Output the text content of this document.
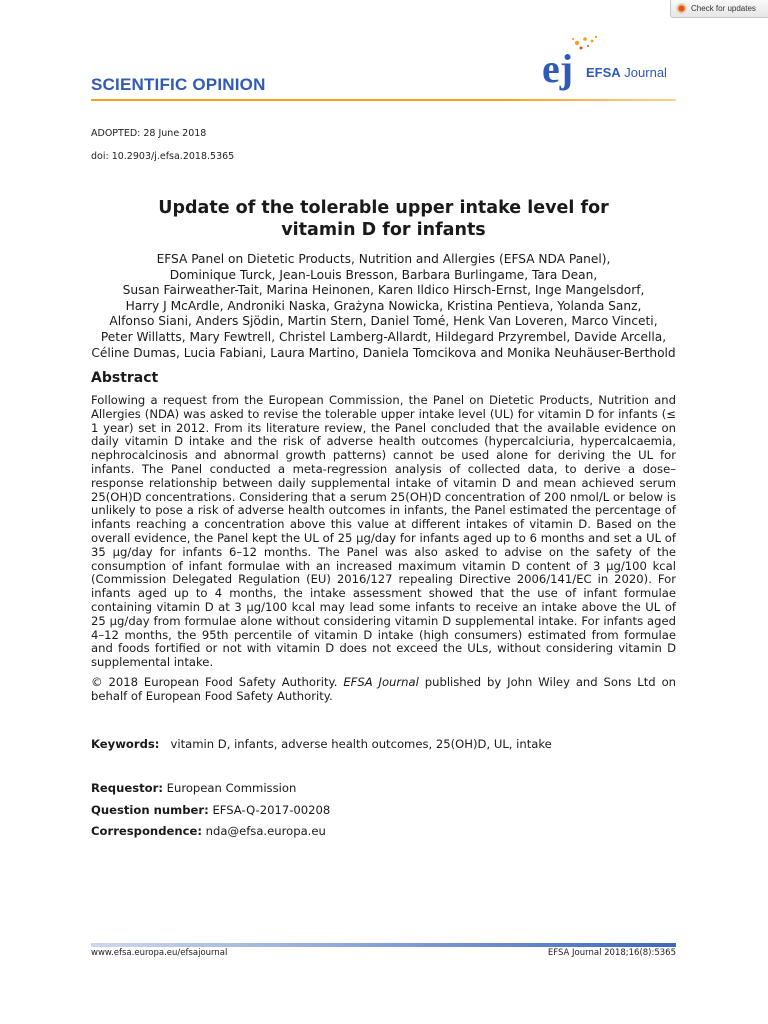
Check for updates
SCIENTIFIC OPINION	ej EFSA Journal
ADOPTED: 28 June 2018
doi: 10.2903/j.efsa.2018.5365
Update of the tolerable upper intake level for
vitamin D for infants
EFSA Panel on Dietetic Products, Nutrition and Allergies (EFSA NDA Panel),
Dominique Turck, Jean-Louis Bresson, Barbara Burlingame, Tara Dean,
Susan Fairweather-Tait, Marina Heinonen, Karen Ildico Hirsch-Ernst, Inge Mangelsdorf,
Harry J McArdle, Androniki Naska, Grażyna Nowicka, Kristina Pentieva, Yolanda Sanz,
Alfonso Siani, Anders Sjödin, Martin Stern, Daniel Tomé, Henk Van Loveren, Marco Vinceti,
Peter Willatts, Mary Fewtrell, Christel Lamberg-Allardt, Hildegard Przyrembel, Davide Arcella,
Céline Dumas, Lucia Fabiani, Laura Martino, Daniela Tomcikova and Monika Neuhäuser-Berthold
Abstract

Following a request from the European Commission, the Panel on Dietetic Products, Nutrition and Allergies (NDA) was asked to revise the tolerable upper intake level (UL) for vitamin D for infants (≤ 1 year) set in 2012. From its literature review, the Panel concluded that the available evidence on daily vitamin D intake and the risk of adverse health outcomes (hypercalciuria, hypercalcaemia, nephrocalcinosis and abnormal growth patterns) cannot be used alone for deriving the UL for infants. The Panel conducted a meta-regression analysis of collected data, to derive a dose–response relationship between daily supplemental intake of vitamin D and mean achieved serum 25(OH)D concentrations. Considering that a serum 25(OH)D concentration of 200 nmol/L or below is unlikely to pose a risk of adverse health outcomes in infants, the Panel estimated the percentage of infants reaching a concentration above this value at different intakes of vitamin D. Based on the overall evidence, the Panel kept the UL of 25 μg/day for infants aged up to 6 months and set a UL of 35 μg/day for infants 6–12 months. The Panel was also asked to advise on the safety of the consumption of infant formulae with an increased maximum vitamin D content of 3 μg/100 kcal (Commission Delegated Regulation (EU) 2016/127 repealing Directive 2006/141/EC in 2020). For infants aged up to 4 months, the intake assessment showed that the use of infant formulae containing vitamin D at 3 μg/100 kcal may lead some infants to receive an intake above the UL of 25 μg/day from formulae alone without considering vitamin D supplemental intake. For infants aged 4–12 months, the 95th percentile of vitamin D intake (high consumers) estimated from formulae and foods fortified or not with vitamin D does not exceed the ULs, without considering vitamin D supplemental intake.

© 2018 European Food Safety Authority. EFSA Journal published by John Wiley and Sons Ltd on behalf of European Food Safety Authority.

Keywords: vitamin D, infants, adverse health outcomes, 25(OH)D, UL, intake
Requestor: European Commission
Question number: EFSA-Q-2017-00208
Correspondence: nda@efsa.europa.eu
www.efsa.europa.eu/efsajournal	EFSA Journal 2018;16(8):5365
